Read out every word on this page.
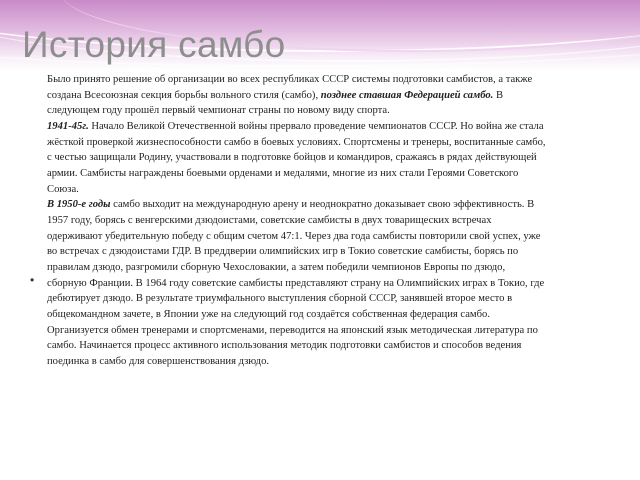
История самбо
•

Было принято решение об организации во всех республиках СССР системы подготовки самбистов, а также создана Всесоюзная секция борьбы вольного стиля (самбо), позднее ставшая Федерацией самбо. В следующем году прошёл первый чемпионат страны по новому виду спорта.

1941-45г. Начало Великой Отечественной войны прервало проведение чемпионатов СССР. Но война же стала жёсткой проверкой жизнеспособности самбо в боевых условиях. Спортсмены и тренеры, воспитанные самбо, с честью защищали Родину, участвовали в подготовке бойцов и командиров, сражаясь в рядах действующей армии. Самбисты награждены боевыми орденами и медалями, многие из них стали Героями Советского Союза.

В 1950-е годы самбо выходит на международную арену и неоднократно доказывает свою эффективность. В 1957 году, борясь с венгерскими дзюдоистами, советские самбисты в двух товарищеских встречах одерживают убедительную победу с общим счетом 47:1. Через два года самбисты повторили свой успех, уже во встречах с дзюдоистами ГДР. В преддверии олимпийских игр в Токио советские самбисты, борясь по правилам дзюдо, разгромили сборную Чехословакии, а затем победили чемпионов Европы по дзюдо, сборную Франции. В 1964 году советские самбисты представляют страну на Олимпийских играх в Токио, где дебютирует дзюдо. В результате триумфального выступления сборной СССР, занявшей второе место в общекомандном зачете, в Японии уже на следующий год создаётся собственная федерация самбо. Организуется обмен тренерами и спортсменами, переводится на японский язык методическая литература по самбо. Начинается процесс активного использования методик подготовки самбистов и способов ведения поединка в самбо для совершенствования дзюдо.
